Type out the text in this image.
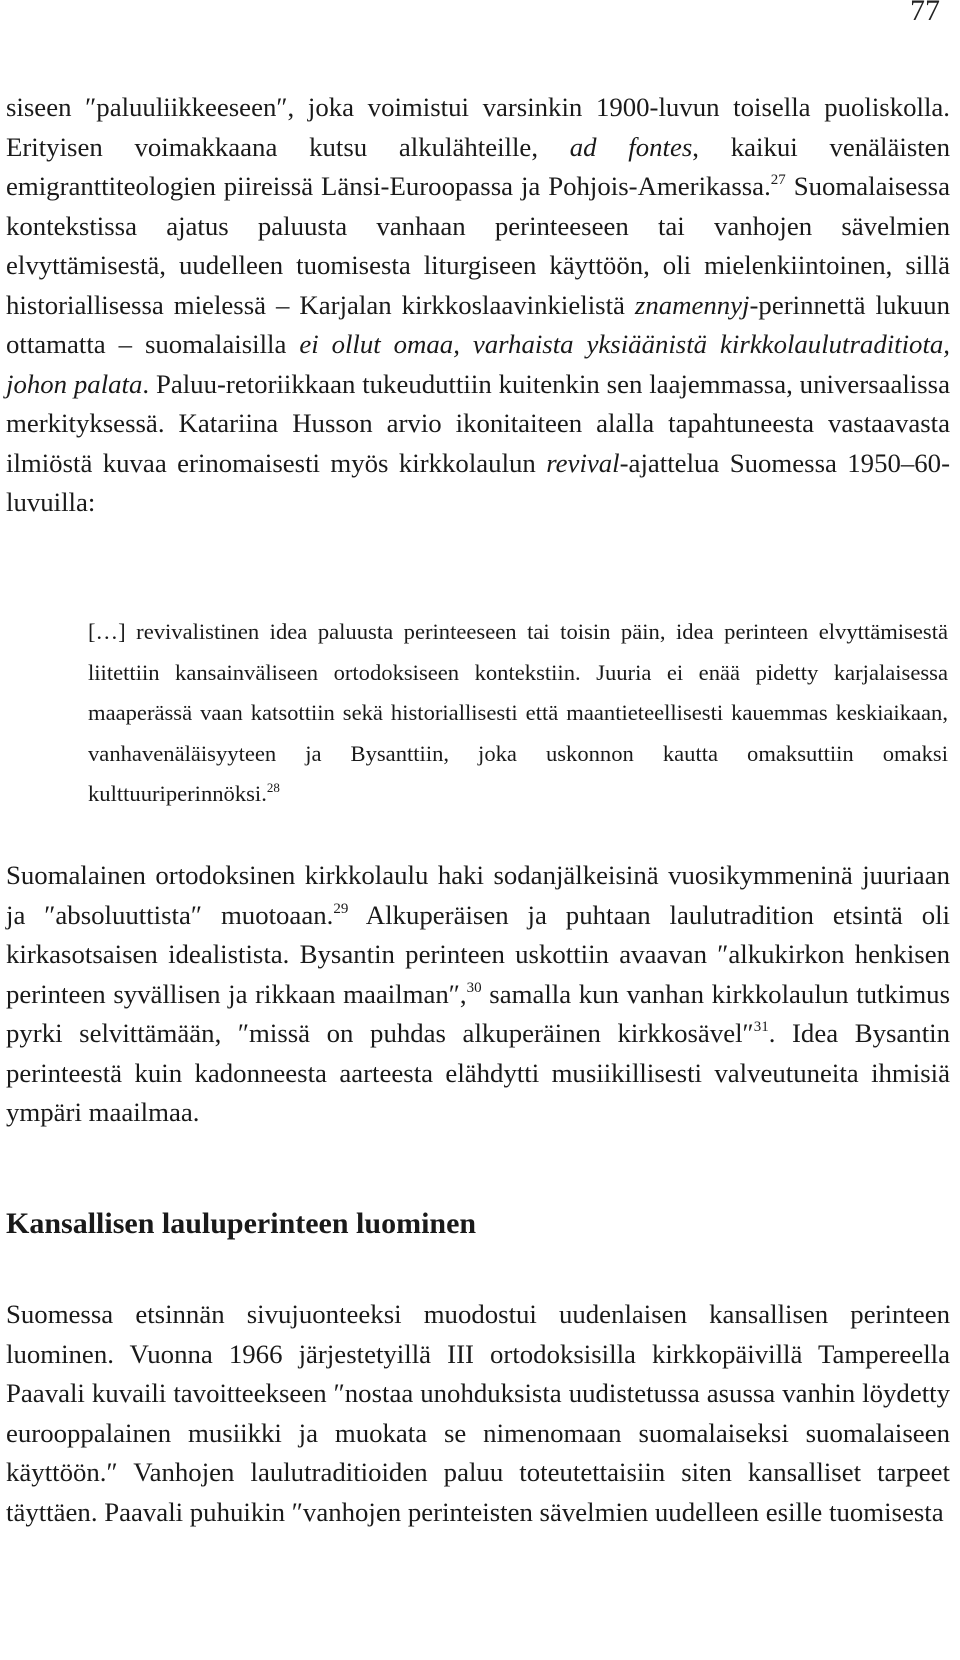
77

siseen ″paluuliikkeeseen″, joka voimistui varsinkin 1900-luvun toisella puoliskolla. Erityisen voimakkaana kutsu alkulähteille, ad fontes, kaikui venäläisten emigranttiteologien piireissä Länsi-Euroopassa ja Pohjois-Amerikassa.$^{27}$ Suomalaisessa kontekstissa ajatus paluusta vanhaan perinteeseen tai vanhojen sävelmien elvyttämisestä, uudelleen tuomisesta liturgiseen käyttöön, oli mielenkiintoinen, sillä historiallisessa mielessä – Karjalan kirkkoslaavinkielistä znamennyj-perinnettä lukuun ottamatta – suomalaisilla ei ollut omaa, varhaista yksiäänistä kirkkolaulutraditiota, johon palata. Paluu-retoriikkaan tukeuduttiin kuitenkin sen laajemmassa, universaalissa merkityksessä. Katariina Husson arvio ikonitaiteen alalla tapahtuneesta vastaavasta ilmiöstä kuvaa erinomaisesti myös kirkkolaulun revival-ajattelua Suomessa 1950–60-luvuilla:

[…] revivalistinen idea paluusta perinteeseen tai toisin päin, idea perinteen elvyttämisestä liitettiin kansainväliseen ortodoksiseen kontekstiin. Juuria ei enää pidetty karjalaisessa maaperässä vaan katsottiin sekä historiallisesti että maantieteellisesti kauemmas keskiaikaan, vanhavenäläisyyteen ja Bysanttiin, joka uskonnon kautta omaksuttiin omaksi kulttuuriperinnöksi.$^{28}$

Suomalainen ortodoksinen kirkkolaulu haki sodanjälkeisinä vuosikymmeninä juuriaan ja ″absoluuttista″ muotoaan.$^{29}$ Alkuperäisen ja puhtaan laulutradition etsintä oli kirkasotsaisen idealistista. Bysantin perinteen uskottiin avaavan ″alkukirkon henkisen perinteen syvällisen ja rikkaan maailman″,$^{30}$ samalla kun vanhan kirkkolaulun tutkimus pyrki selvittämään, ″missä on puhdas alkuperäinen kirkkosävel″$^{31}$. Idea Bysantin perinteestä kuin kadonneesta aarteesta elähdytti musiikillisesti valveutuneita ihmisiä ympäri maailmaa.

Kansallisen lauluperinteen luominen

Suomessa etsinnän sivujuonteeksi muodostui uudenlaisen kansallisen perinteen luominen. Vuonna 1966 järjestetyillä III ortodoksisilla kirkkopäivillä Tampereella Paavali kuvaili tavoitteekseen ″nostaa unohduksista uudistetussa asussa vanhin löydetty eurooppalainen musiikki ja muokata se nimenomaan suomalaiseksi suomalaiseen käyttöön.″ Vanhojen laulutraditioiden paluu toteutettaisiin siten kansalliset tarpeet täyttäen. Paavali puhuikin ″vanhojen perinteisten sävelmien uudelleen esille tuomisesta
